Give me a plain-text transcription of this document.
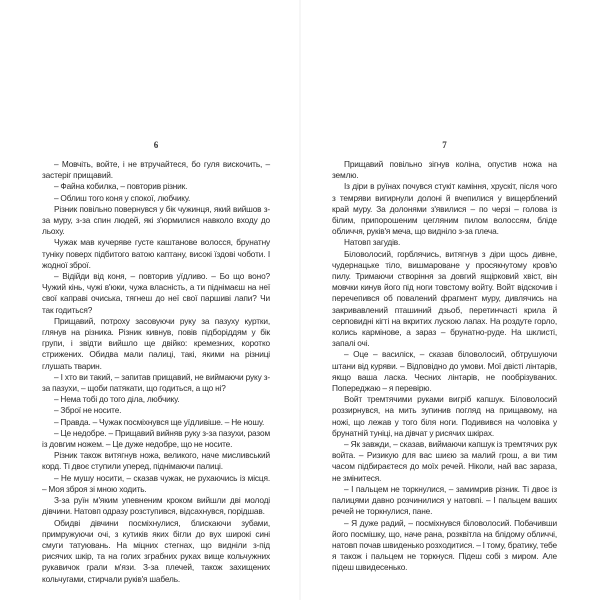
6

– Мовчіть, войте, і не втручайтеся, бо гуля вискочить, – застеріг прищавий.

– Файна кобилка, – повторив різник.

– Облиш того коня у спокої, любчику.

Різник повільно повернувся у бік чужинця, який вийшов з-за муру, з-за спин людей, які з'юрмилися навколо входу до льоху.

Чужак мав кучеряве густе каштанове волосся, брунатну туніку поверх підбитого ватою каптану, високі їздові чоботи. І жодної зброї.

– Відійди від коня, – повторив уїдливо. – Бо що воно? Чужий кінь, чужі в'юки, чужа власність, а ти піднімаєш на неї свої каправі очиська, тягнеш до неї свої паршиві лапи? Чи так годиться?

Прищавий, потроху засовуючи руку за пазуху куртки, глянув на різника. Різник кивнув, повів підборіддям у бік групи, і звідти вийшло ще двійко: кремезних, коротко стрижених. Обидва мали палиці, такі, якими на різниці глушать тварин.

– І хто ви такий, – запитав прищавий, не виймаючи руку з-за пазухи, – щоби патякати, що годиться, а що ні?

– Нема тобі до того діла, любчику.

– Зброї не носите.

– Правда. – Чужак посміхнувся ще уїдливіше. – Не ношу.

– Це недобре. – Прищавий вийняв руку з-за пазухи, разом із довгим ножем. – Це дуже недобре, що не носите.

Різник також витягнув ножа, великого, наче мисливський корд. Ті двоє ступили уперед, піднімаючи палиці.

– Не мушу носити, – сказав чужак, не рухаючись із місця. – Моя зброя зі мною ходить.

З-за руїн м'яким упевненим кроком вийшли дві молоді дівчини. Натовп одразу розступився, відсахнувся, порідшав.

Обидві дівчини посміхнулися, блискаючи зубами, примружуючи очі, з кутиків яких бігли до вух широкі сині смуги татуювань. На міцних стегнах, що видніли з-під рисячих шкір, та на голих зграбних руках вище кольчужних рукавичок грали м'язи. З-за плечей, також захищених кольчугами, стирчали руків'я шабель.

7

Прищавий повільно зігнув коліна, опустив ножа на землю.

Із діри в руїнах почувся стукіт каміння, хрускіт, після чого з темряви вигирнули долоні й вчепилися у вищерблений край муру. За долонями з'явилися – по черзі – голова із білим, припорошеним цегляним пилом волоссям, бліде обличчя, руків'я меча, що виднілo з-за плеча.

Натовп загудів.

Біловолосий, горблячись, витягнув з діри щось дивне, чудернацьке тіло, вишмароване у просякнутому кров'ю пилу. Тримаючи створіння за довгий ящірковий хвіст, він мовчки кинув його під ноги товстому войту. Войт відскочив і перечепився об повалений фрагмент муру, дивлячись на закривавлений пташиний дзьоб, перетинчасті крила й серповидні кігті на вкритих лускою лапах. На роздуте горло, колись кармінове, а зараз – брунатно-руде. На шклисті, запалі очі.

– Оце – василіск, – сказав біловолосий, обтрушуючи штани від куряви. – Відповідно до умови. Мої двісті лінтарів, якщо ваша ласка. Чесних лінтарів, не пообрізуваних. Попереджаю – я перевірю.

Войт тремтячими руками вигріб капшук. Біловолосий роззирнувся, на мить зупинив погляд на прищавому, на ножі, що лежав у того біля ноги. Подивився на чоловіка у брунатній туніці, на дівчат у рисячих шкірах.

– Як завжди, – сказав, виймаючи капшук із тремтячих рук войта. – Ризикую для вас шиєю за малий грош, а ви тим часом підбираєтеся до моїх речей. Ніколи, най вас зараза, не змінитеся.

– І пальцем не торкнулися, – замимрив різник. Ті двоє із палицями давно розчинилися у натовпі. – І пальцем ваших речей не торкнулися, пане.

– Я дуже радий, – посміхнувся біловолосий. Побачивши його посмішку, що, наче рана, розквітла на блідому обличчі, натовп почав швиденько розходитися. – І тому, братику, тебе я також і пальцем не торкнуся. Підеш собі з миром. Але підеш швидесенько.
